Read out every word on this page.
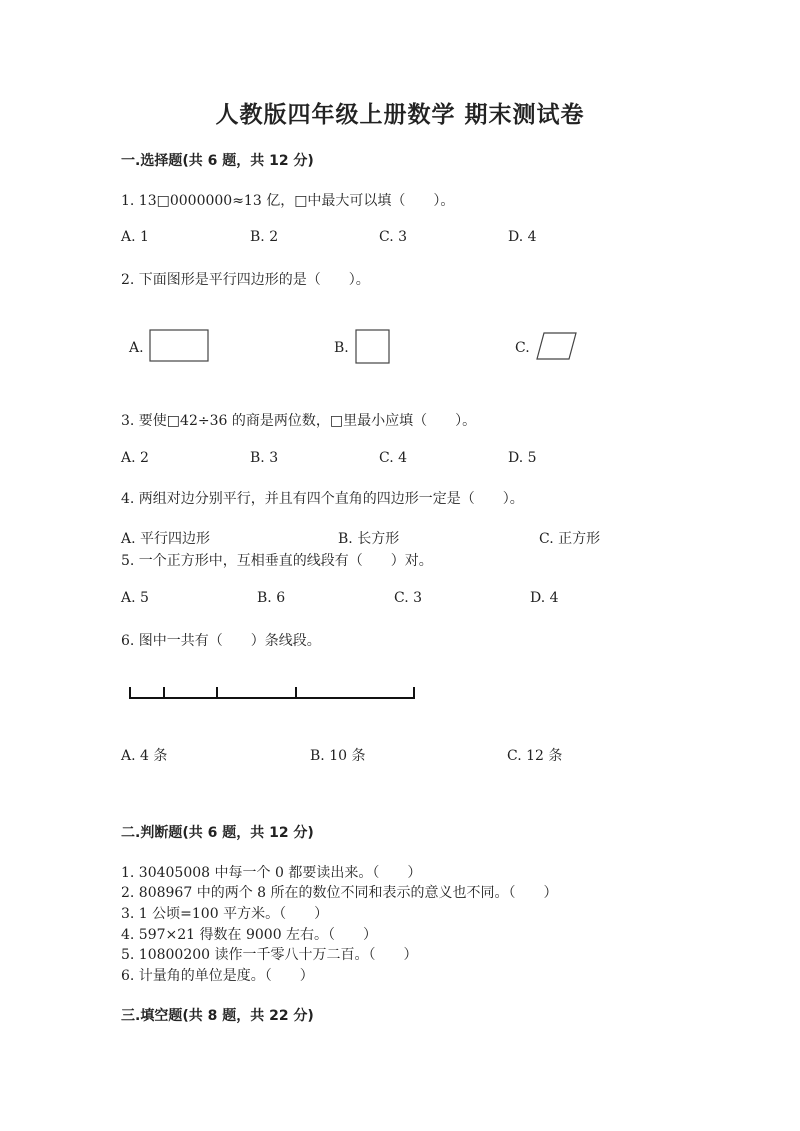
人教版四年级上册数学 期末测试卷
一.选择题(共 6 题，共 12 分)
1. 13□0000000≈13 亿，□中最大可以填（　　）。
A. 1	B. 2	C. 3	D. 4
2. 下面图形是平行四边形的是（　　）。
A.	B.	C.
3. 要使□42÷36 的商是两位数，□里最小应填（　　）。
A. 2	B. 3	C. 4	D. 5
4. 两组对边分别平行，并且有四个直角的四边形一定是（　　）。
A. 平行四边形	B. 长方形	C. 正方形
5. 一个正方形中，互相垂直的线段有（　　）对。
A. 5	B. 6	C. 3	D. 4
6. 图中一共有（　　）条线段。
A. 4 条	B. 10 条	C. 12 条
二.判断题(共 6 题，共 12 分)
1. 30405008 中每一个 0 都要读出来。（　　）
2. 808967 中的两个 8 所在的数位不同和表示的意义也不同。（　　）
3. 1 公顷=100 平方米。（　　）
4. 597×21 得数在 9000 左右。（　　）
5. 10800200 读作一千零八十万二百。（　　）
6. 计量角的单位是度。（　　）
三.填空题(共 8 题，共 22 分)
